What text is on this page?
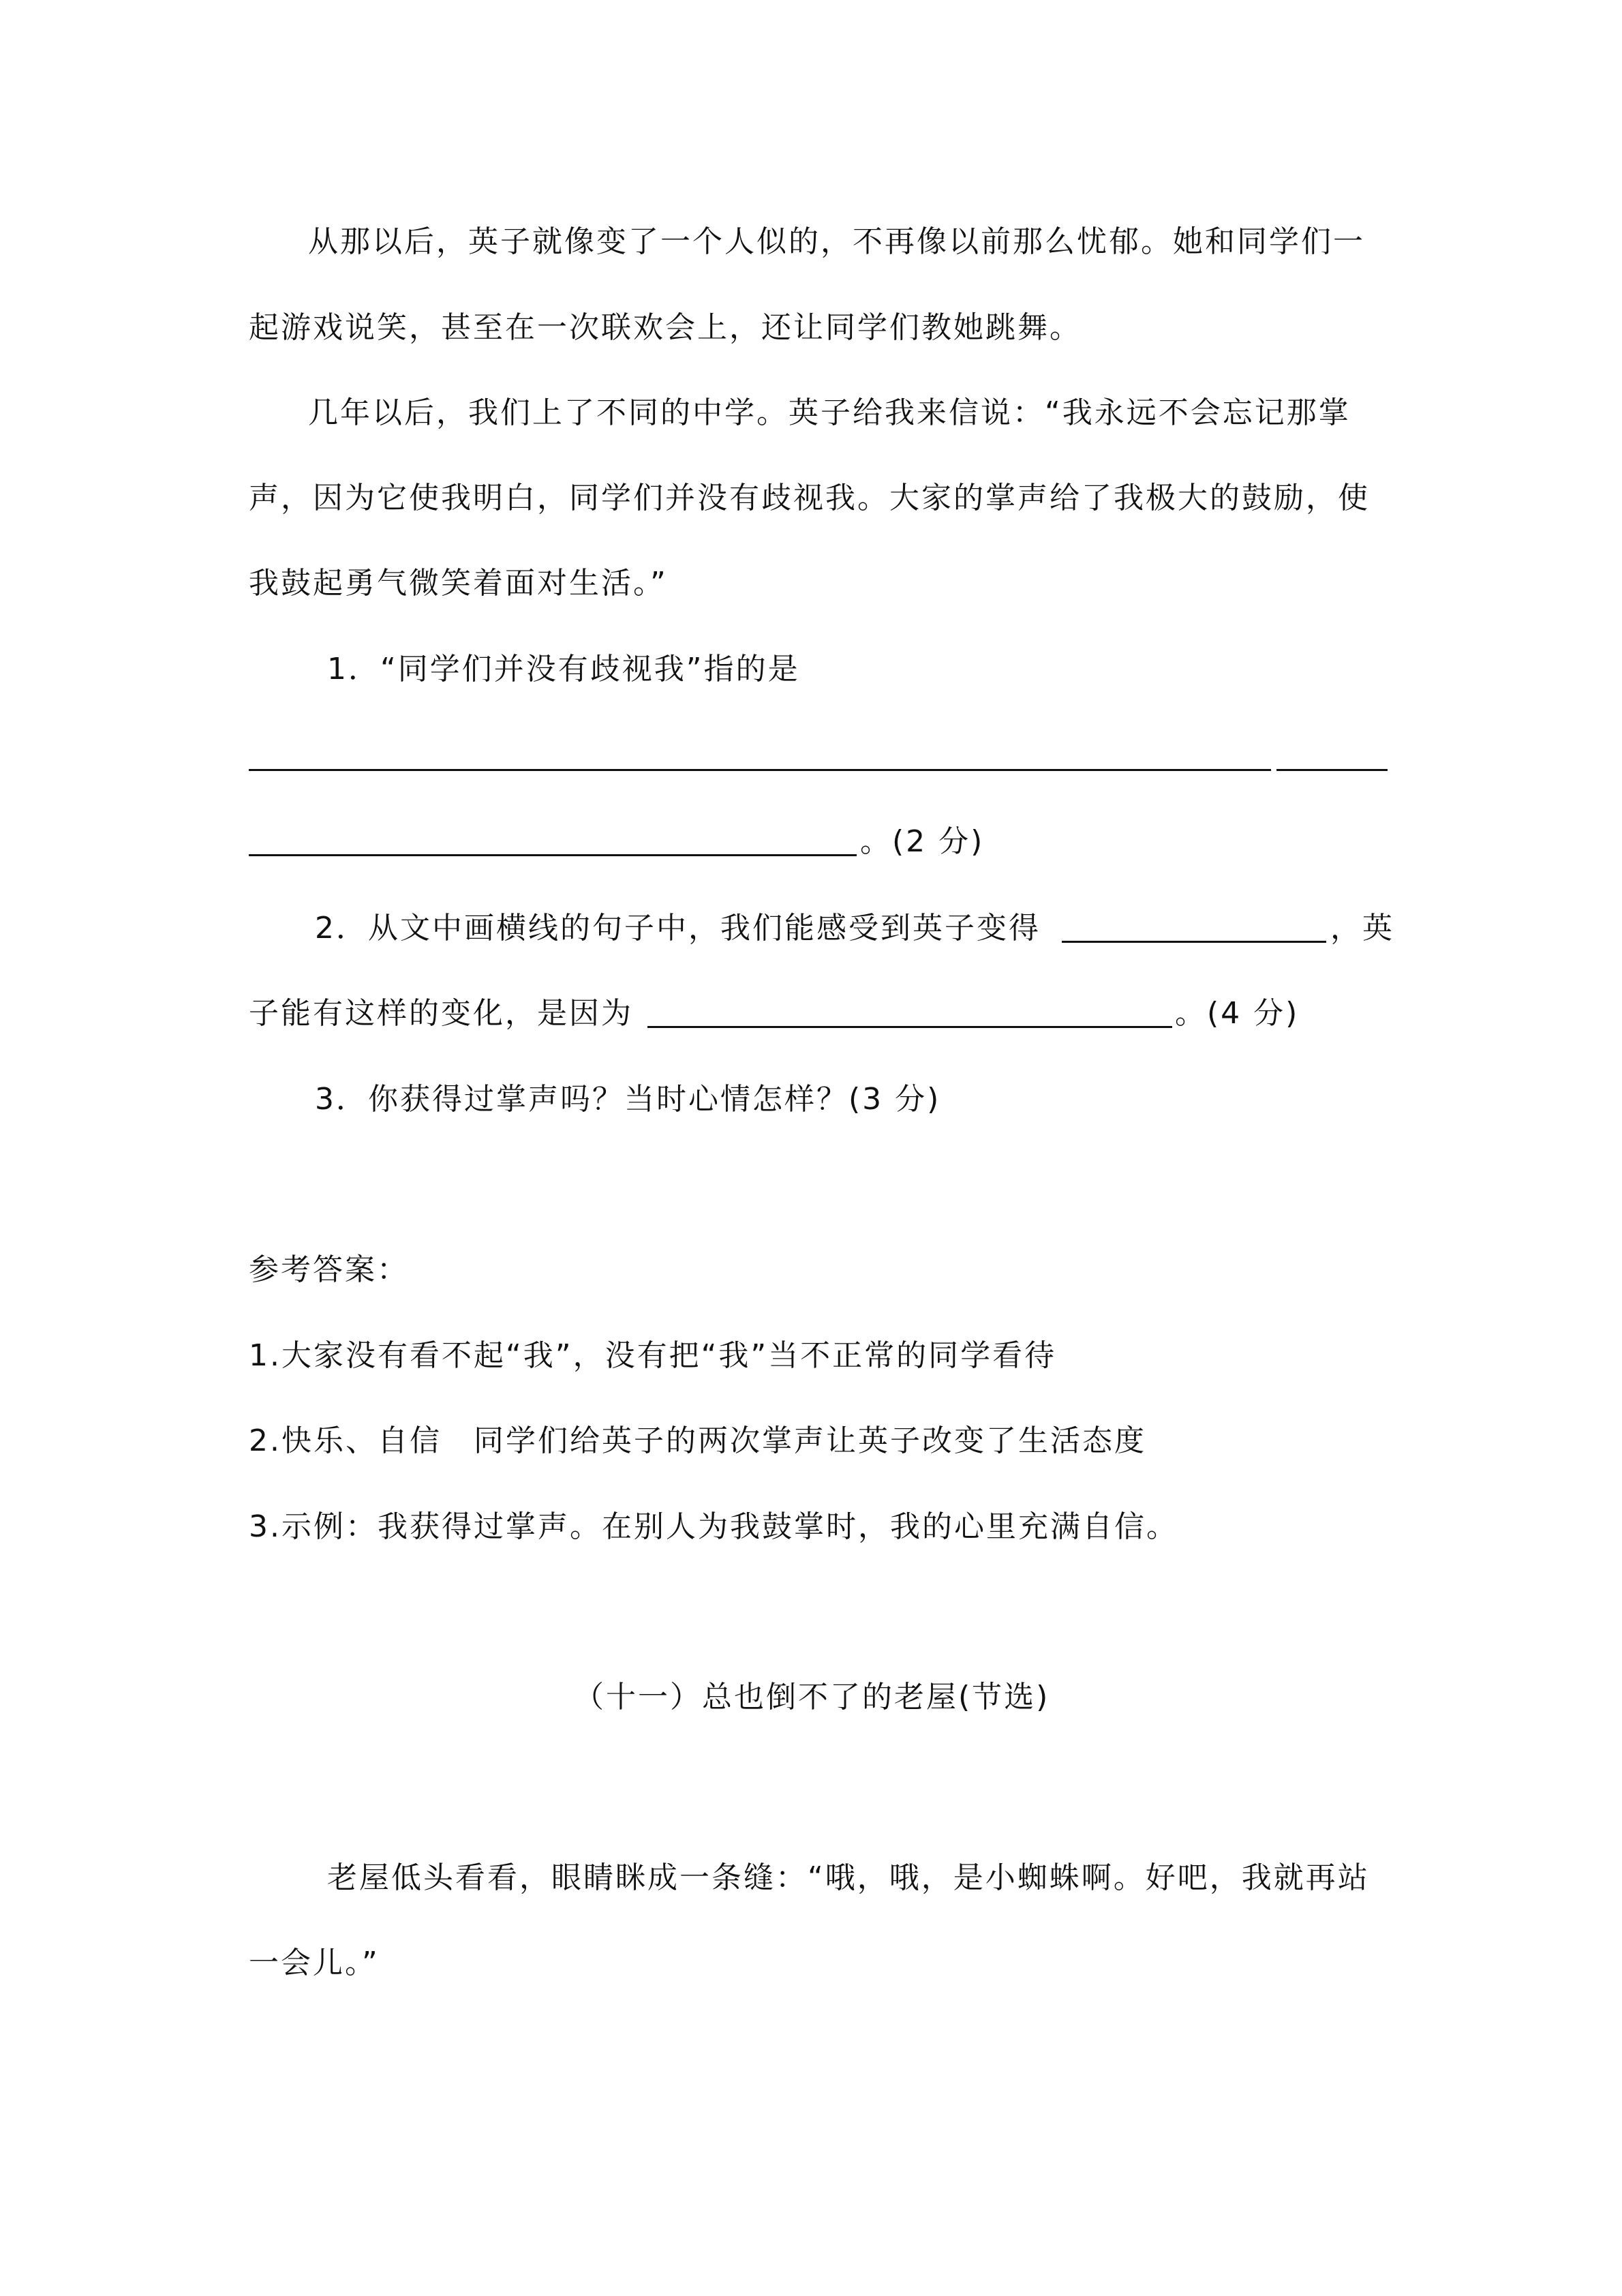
从那以后，英子就像变了一个人似的，不再像以前那么忧郁。她和同学们一
起游戏说笑，甚至在一次联欢会上，还让同学们教她跳舞。
几年以后，我们上了不同的中学。英子给我来信说：“我永远不会忘记那掌
声，因为它使我明白，同学们并没有歧视我。大家的掌声给了我极大的鼓励，使
我鼓起勇气微笑着面对生活。”
1．“同学们并没有歧视我”指的是
。(2 分)
2．从文中画横线的句子中，我们能感受到英子变得	，英
子能有这样的变化，是因为	。(4 分)
3．你获得过掌声吗？当时心情怎样？(3 分)
参考答案：
1.大家没有看不起“我”，没有把“我”当不正常的同学看待
2.快乐、自信　同学们给英子的两次掌声让英子改变了生活态度
3.示例：我获得过掌声。在别人为我鼓掌时，我的心里充满自信。
（十一）总也倒不了的老屋(节选)
老屋低头看看，眼睛眯成一条缝：“哦，哦，是小蜘蛛啊。好吧，我就再站
一会儿。”
